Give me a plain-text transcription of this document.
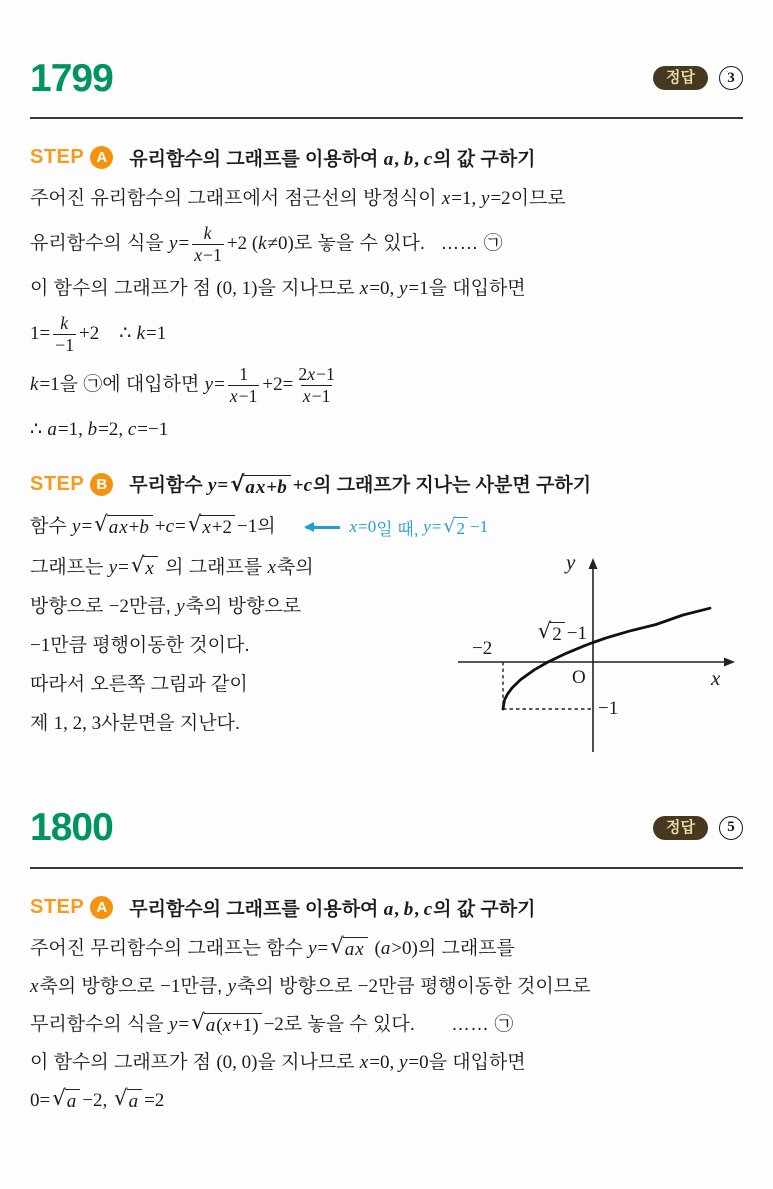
1799	정답	3
STEP A	유리함수의 그래프를 이용하여 a, b, c의 값 구하기
주어진 유리함수의 그래프에서 점근선의 방정식이 x=1, y=2 이므로
유리함수의 식을 $y= \frac{k}{x-1} +2$ (k≠0) 로 놓을 수 있다. …… ㉠
이 함수의 그래프가 점 (0, 1) 을 지나므로 x=0, y=1 을 대입하면
$1= \frac{k}{-1} +2$ ∴ k=1
k=1 을 ㉠에 대입하면 $y= \frac{1}{x-1} +2= \frac{2x-1}{x-1}$
∴ a=1, b=2, c=−1
STEP B	무리함수 y= √ ax+b +c의 그래프가 지나는 사분면 구하기
함수 y= √ ax+b +c= √ x+2 −1 의	x=0 일 때, y= √ 2 −1
그래프는 y= √ x 의 그래프를 x 축의
방향으로 −2 만큼, y 축의 방향으로
−1 만큼 평행이동한 것이다.
따라서 오른쪽 그림과 같이
제 1, 2, 3 사분면을 지난다.
y
x
O
−2
√ 2 −1
−1
1800	정답	5
STEP A	무리함수의 그래프를 이용하여 a, b, c의 값 구하기
주어진 무리함수의 그래프는 함수 y= √ ax (a>0) 의 그래프를
x 축의 방향으로 −1 만큼, y 축의 방향으로 −2 만큼 평행이동한 것이므로
무리함수의 식을 y= √ a(x+1) −2 로 놓을 수 있다. …… ㉠
이 함수의 그래프가 점 (0, 0) 을 지나므로 x=0, y=0 을 대입하면
0= √ a −2, √ a =2
